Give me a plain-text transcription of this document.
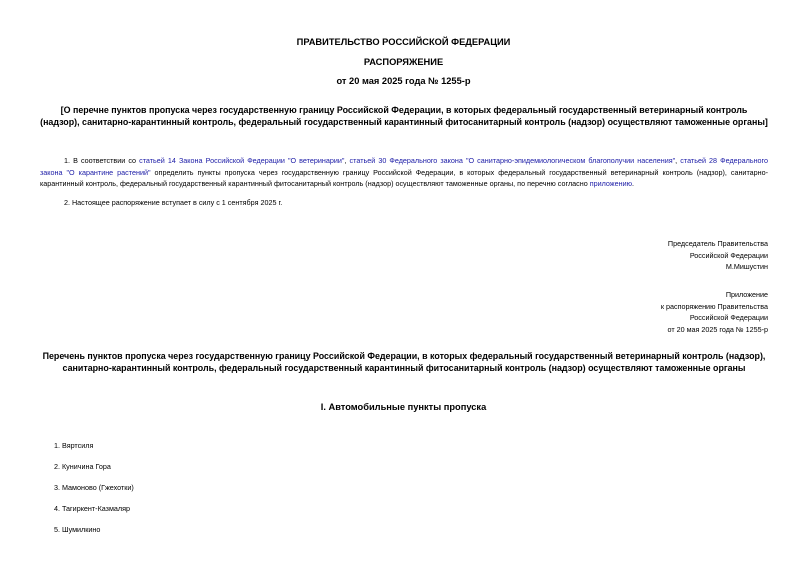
ПРАВИТЕЛЬСТВО РОССИЙСКОЙ ФЕДЕРАЦИИ
РАСПОРЯЖЕНИЕ
от 20 мая 2025 года № 1255-р
[О перечне пунктов пропуска через государственную границу Российской Федерации, в которых федеральный государственный ветеринарный контроль (надзор), санитарно-карантинный контроль, федеральный государственный карантинный фитосанитарный контроль (надзор) осуществляют таможенные органы]
1. В соответствии со статьей 14 Закона Российской Федерации "О ветеринарии", статьей 30 Федерального закона "О санитарно-эпидемиологическом благополучии населения", статьей 28 Федерального закона "О карантине растений" определить пункты пропуска через государственную границу Российской Федерации, в которых федеральный государственный ветеринарный контроль (надзор), санитарно-карантинный контроль, федеральный государственный карантинный фитосанитарный контроль (надзор) осуществляют таможенные органы, по перечню согласно приложению.
2. Настоящее распоряжение вступает в силу с 1 сентября 2025 г.
Председатель Правительства
Российской Федерации
М.Мишустин
Приложение
к распоряжению Правительства
Российской Федерации
от 20 мая 2025 года № 1255-р
Перечень пунктов пропуска через государственную границу Российской Федерации, в которых федеральный государственный ветеринарный контроль (надзор), санитарно-карантинный контроль, федеральный государственный карантинный фитосанитарный контроль (надзор) осуществляют таможенные органы
I. Автомобильные пункты пропуска
1. Вяртсиля
2. Куничина Гора
3. Мамоново (Гжехотки)
4. Тагиркент-Казмаляр
5. Шумилкино
